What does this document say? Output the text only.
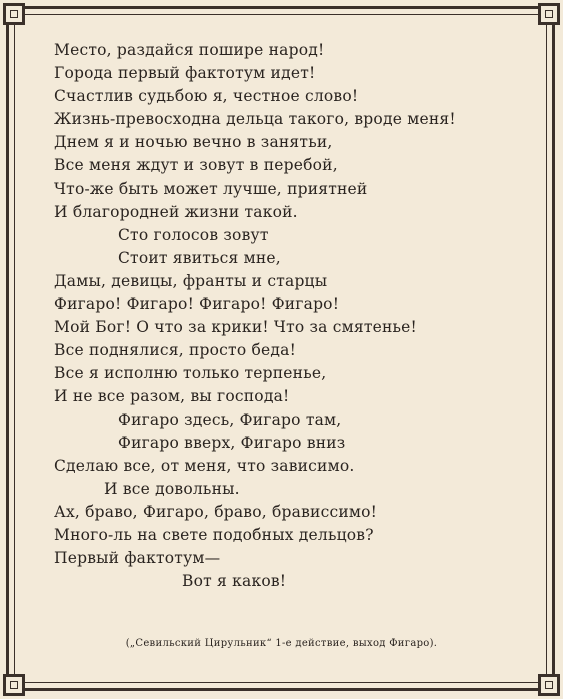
Место, раздайся пошире народ!
Города первый фактотум идет!
Счастлив судьбою я, честное слово!
Жизнь-превосходна дельца такого, вроде меня!
Днем я и ночью вечно в занятьи,
Все меня ждут и зовут в перебой,
Что-же быть может лучше, приятней
И благородней жизни такой.
Сто голосов зовут
Стоит явиться мне,
Дамы, девицы, франты и старцы
Фигаро! Фигаро! Фигаро! Фигаро!
Мой Бог! О что за крики! Что за смятенье!
Все поднялися, просто беда!
Все я исполню только терпенье,
И не все разом, вы господа!
Фигаро здесь, Фигаро там,
Фигаро вверх, Фигаро вниз
Сделаю все, от меня, что зависимо.
И все довольны.
Ах, браво, Фигаро, браво, брависсимо!
Много-ль на свете подобных дельцов?
Первый фактотум—
Вот я каков!
(„Севильский Цирульник“ 1-е действие, выход Фигаро).
